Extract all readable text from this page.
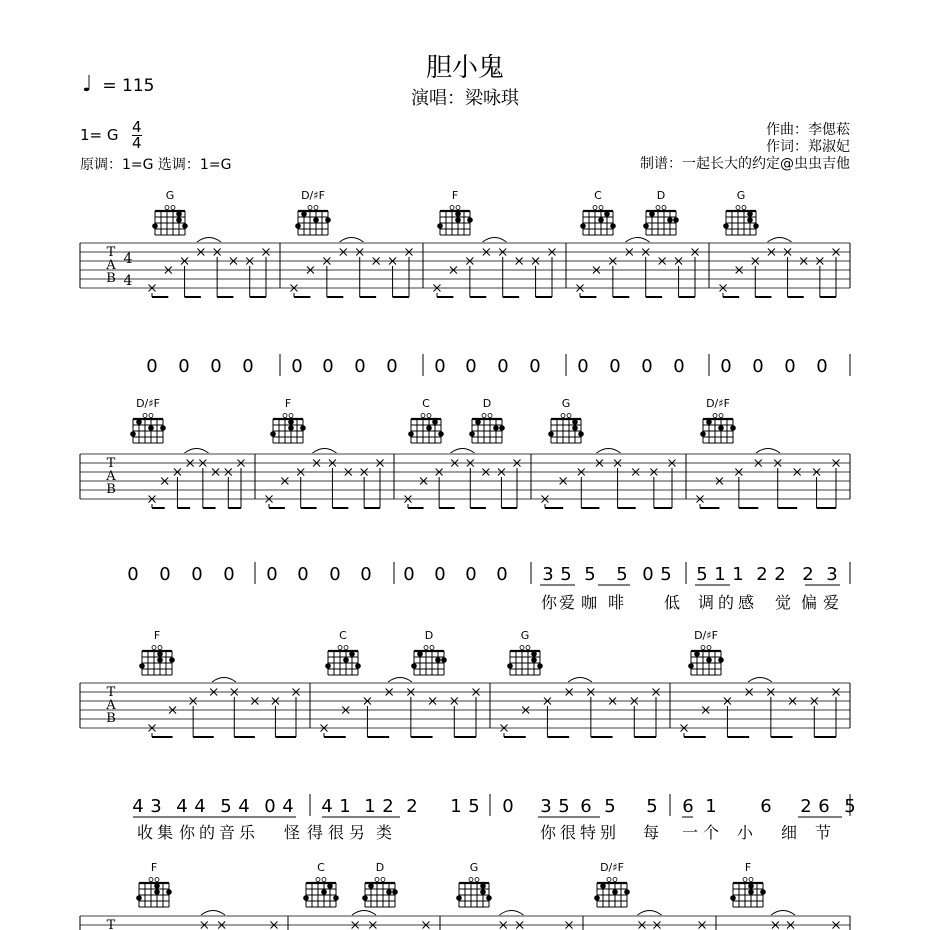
胆小鬼
演唱：梁咏琪
♩ = 115
1= G $\frac{4}{4}$
原调：1=G 选调：1=G
作曲：李偲菘
作词：郑淑妃
制谱：一起长大的约定@虫虫吉他
G	D/♯F	F	C	D	G
T
A
B
4
4
0 0 0 0 0 0 0 0 0 0 0 0 0 0 0 0 0 0 0 0
D/♯F	F	C	D	G	D/♯F
T
A
B
0 0 0 0 0 0 0 0 0 0 0 0 3 5 5 5 0 5 5 1 1 2 2 2 3
你 爱 咖 啡 低 调 的 感 觉 偏 爱
F	C	D	G	D/♯F
T
A
B
4 3 4 4 5 4 0 4 4 1 1 2 2 1 5 0 3 5 6 5 5 6 1 6 2 6 5
收 集 你 的 音 乐 怪 得 很 另 类	你 很 特 别 每 一 个 小 细 节
F	C	D	G	D/♯F	F
T
